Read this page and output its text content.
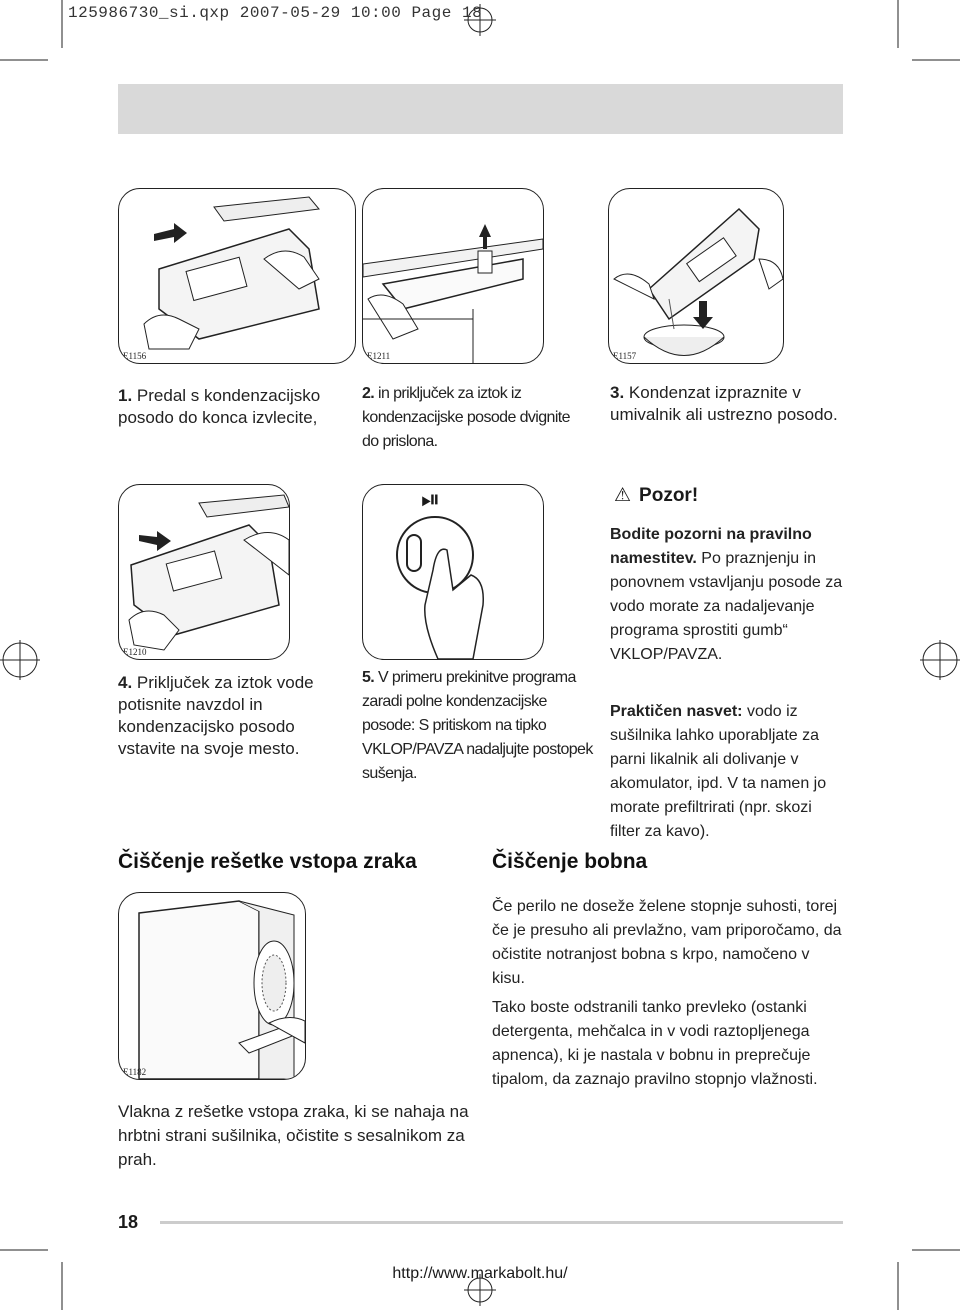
125986730_si.qxp 2007-05-29 10:00 Page 18
E1156	E1211	E1157
1. Predal s kondenzacijsko posodo do konca izvlecite,
2. in priključek za iztok iz kondenzacijske posode dvignite do prislona.
3. Kondenzat izpraznite v umivalnik ali ustrezno posodo.
E1210
⏯
4. Priključek za iztok vode potisnite navzdol in kondenzacijsko posodo vstavite na svoje mesto.
5. V primeru prekinitve programa zaradi polne kondenzacijske posode: S pritiskom na tipko VKLOP/PAVZA nadaljujte postopek sušenja.
⚠ Pozor!
Bodite pozorni na pravilno namestitev. Po praznjenju in ponovnem vstavljanju posode za vodo morate za nadaljevanje programa sprostiti gumb“ VKLOP/PAVZA.
Praktičen nasvet: vodo iz sušilnika lahko uporabljate za parni likalnik ali dolivanje v akomulator, ipd. V ta namen jo morate prefiltrirati (npr. skozi filter za kavo).
Čiščenje rešetke vstopa zraka	Čiščenje bobna
E1182
Vlakna z rešetke vstopa zraka, ki se nahaja na hrbtni strani sušilnika, očistite s sesalnikom za prah.
Če perilo ne doseže želene stopnje suhosti, torej če je presuho ali prevlažno, vam priporočamo, da očistite notranjost bobna s krpo, namočeno v kisu.
Tako boste odstranili tanko prevleko (ostanki detergenta, mehčalca in v vodi raztopljenega apnenca), ki je nastala v bobnu in preprečuje tipalom, da zaznajo pravilno stopnjo vlažnosti.
18
http://www.markabolt.hu/
